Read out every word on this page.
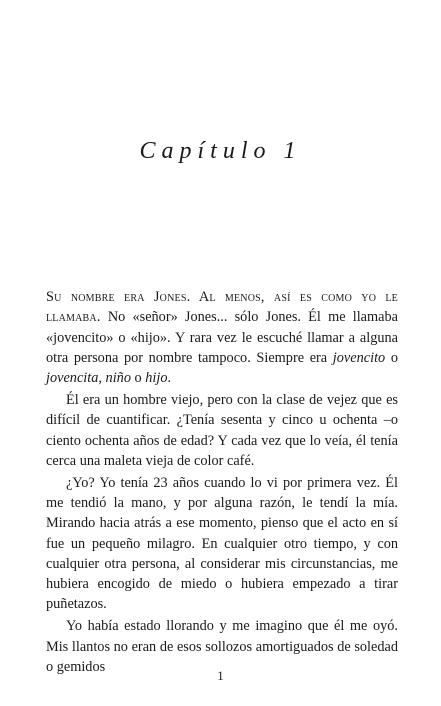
Capítulo 1

Su nombre era Jones. Al menos, así es como yo le llamaba. No «señor» Jones... sólo Jones. Él me llamaba «jovencito» o «hijo». Y rara vez le escuché llamar a alguna otra persona por nombre tampoco. Siempre era jovencito o jovencita, niño o hijo.

Él era un hombre viejo, pero con la clase de vejez que es difícil de cuantificar. ¿Tenía sesenta y cinco u ochenta –o ciento ochenta años de edad? Y cada vez que lo veía, él tenía cerca una maleta vieja de color café.

¿Yo? Yo tenía 23 años cuando lo vi por primera vez. Él me tendió la mano, y por alguna razón, le tendí la mía. Mirando hacia atrás a ese momento, pienso que el acto en sí fue un pequeño milagro. En cualquier otro tiempo, y con cualquier otra persona, al considerar mis circunstancias, me hubiera encogido de miedo o hubiera empezado a tirar puñetazos.

Yo había estado llorando y me imagino que él me oyó. Mis llantos no eran de esos sollozos amortiguados de soledad o gemidos

1
